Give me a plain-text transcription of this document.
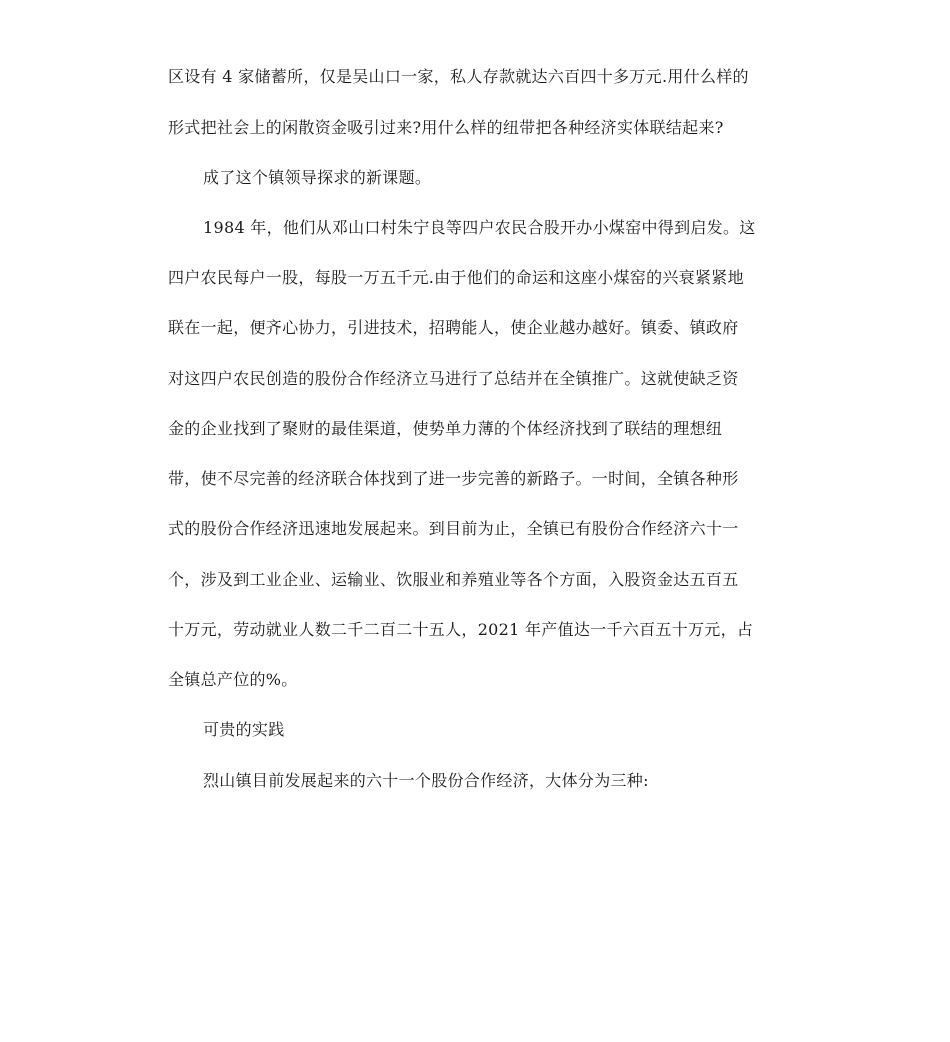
区设有 4 家储蓄所，仅是吴山口一家，私人存款就达六百四十多万元.用什么样的
形式把社会上的闲散资金吸引过来?用什么样的纽带把各种经济实体联结起来?
成了这个镇领导探求的新课题。
1984 年，他们从邓山口村朱宁良等四户农民合股开办小煤窑中得到启发。这
四户农民每户一股，每股一万五千元.由于他们的命运和这座小煤窑的兴衰紧紧地
联在一起，便齐心协力，引进技术，招聘能人，使企业越办越好。镇委、镇政府
对这四户农民创造的股份合作经济立马进行了总结并在全镇推广。这就使缺乏资
金的企业找到了聚财的最佳渠道，使势单力薄的个体经济找到了联结的理想纽
带，使不尽完善的经济联合体找到了进一步完善的新路子。一时间，全镇各种形
式的股份合作经济迅速地发展起来。到目前为止，全镇已有股份合作经济六十一
个，涉及到工业企业、运输业、饮服业和养殖业等各个方面，入股资金达五百五
十万元，劳动就业人数二千二百二十五人，2021 年产值达一千六百五十万元，占
全镇总产位的%。
可贵的实践
烈山镇目前发展起来的六十一个股份合作经济，大体分为三种:
